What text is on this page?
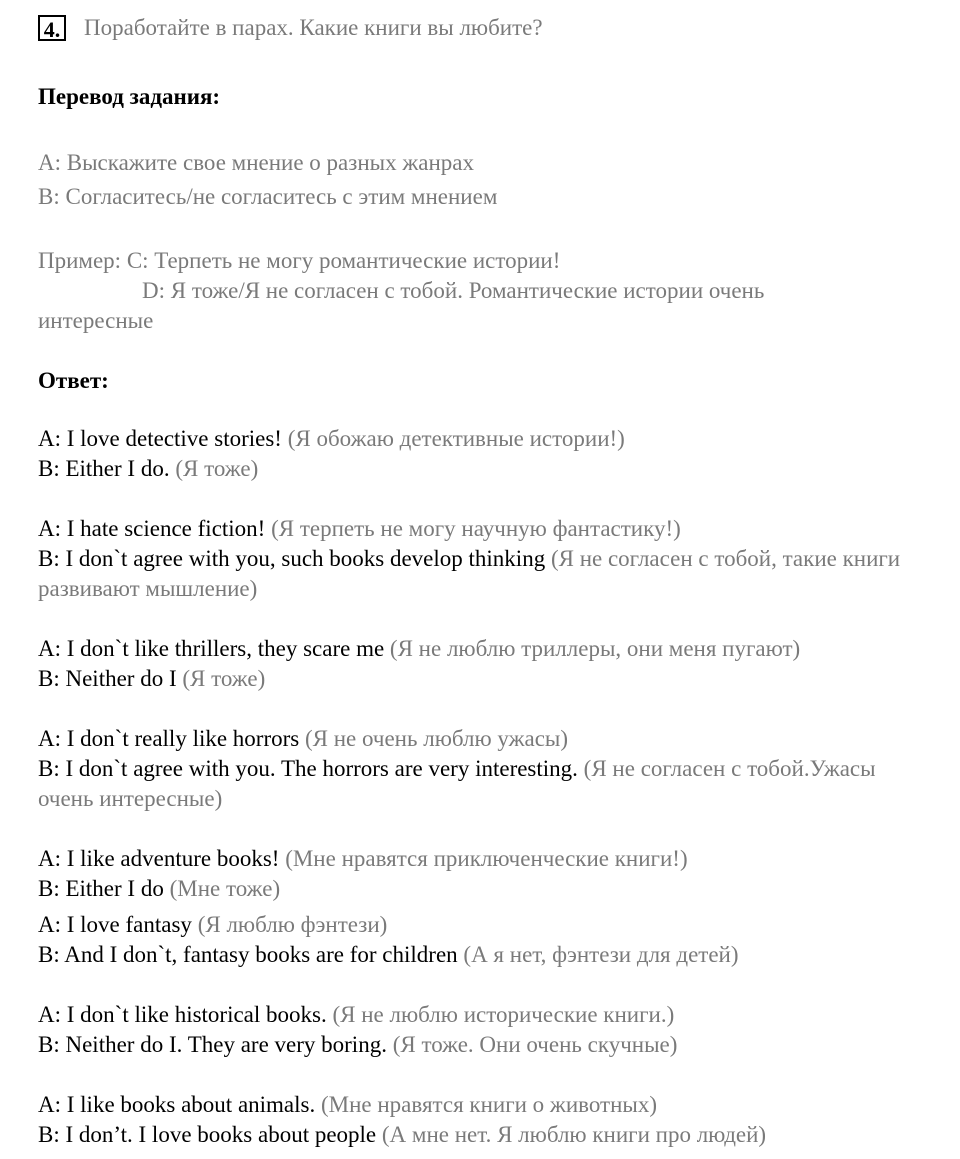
4. Поработайте в парах. Какие книги вы любите?

Перевод задания:

A: Выскажите свое мнение о разных жанрах

B: Согласитесь/не согласитесь с этим мнением

Пример: C: Терпеть не могу романтические истории!

D: Я тоже/Я не согласен с тобой. Романтические истории очень

интересные

Ответ:

A: I love detective stories! (Я обожаю детективные истории!)

B: Either I do. (Я тоже)

A: I hate science fiction! (Я терпеть не могу научную фантастику!)

B: I don`t agree with you, such books develop thinking (Я не согласен с тобой, такие книги развивают мышление)

A: I don`t like thrillers, they scare me (Я не люблю триллеры, они меня пугают)

B: Neither do I (Я тоже)

A: I don`t really like horrors (Я не очень люблю ужасы)

B: I don`t agree with you. The horrors are very interesting. (Я не согласен с тобой.Ужасы очень интересные)

A: I like adventure books! (Мне нравятся приключенческие книги!)

B: Either I do (Мне тоже)

A: I love fantasy (Я люблю фэнтези)

B: And I don`t, fantasy books are for children (А я нет, фэнтези для детей)

A: I don`t like historical books. (Я не люблю исторические книги.)

B: Neither do I. They are very boring. (Я тоже. Они очень скучные)

A: I like books about animals. (Мне нравятся книги о животных)

B: I don’t. I love books about people (А мне нет. Я люблю книги про людей)
